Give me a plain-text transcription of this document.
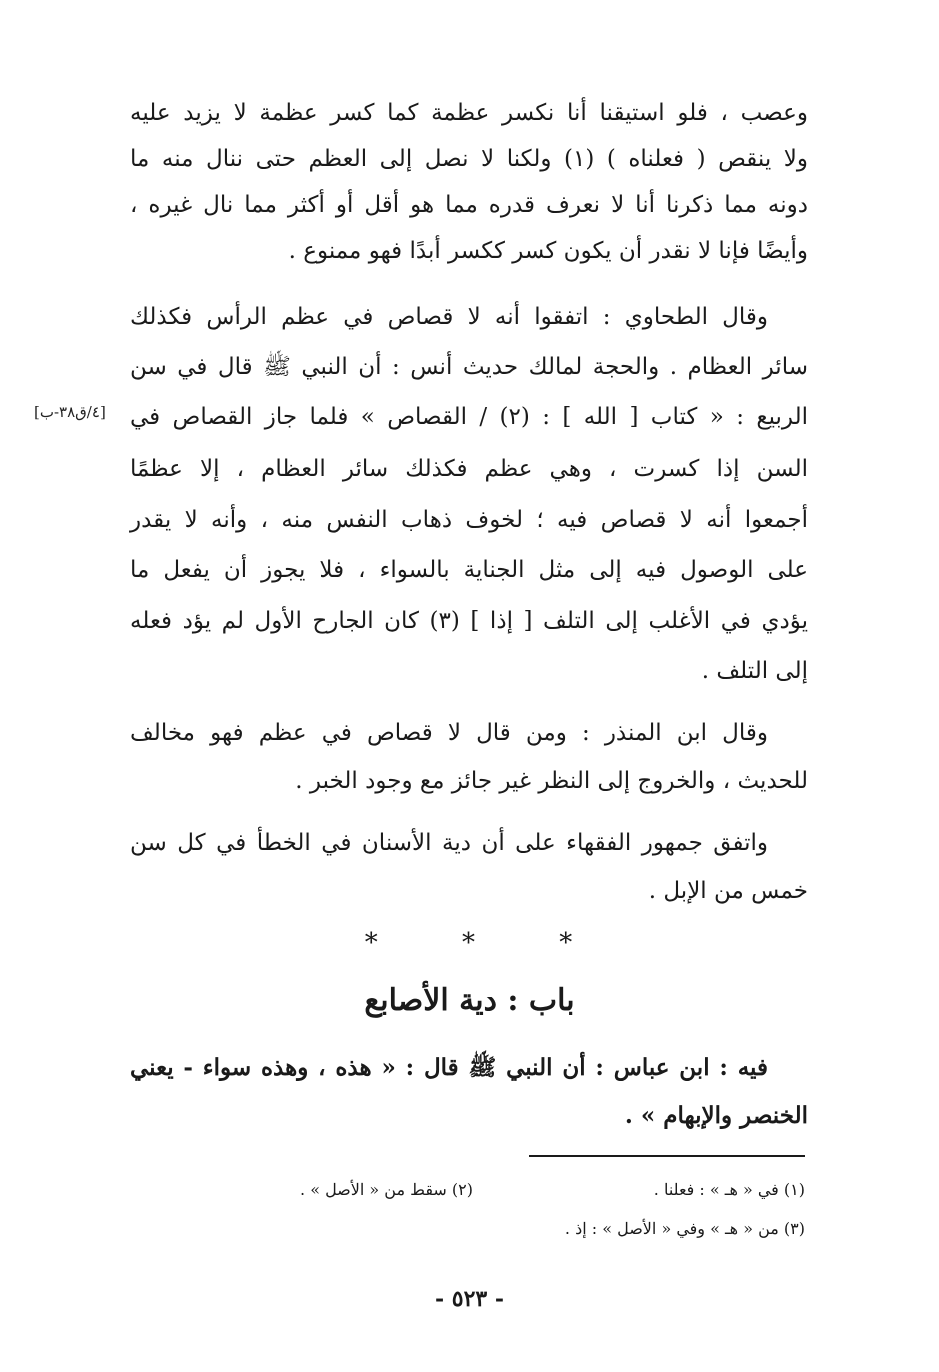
وعصب ، فلو استيقنا أنا نكسر عظمة كما كسر عظمة لا يزيد عليه
ولا ينقص ( فعلناه ) (١) ولكنا لا نصل إلى العظم حتى ننال منه ما
دونه مما ذكرنا أنا لا نعرف قدره مما هو أقل أو أكثر مما نال غيره ،
وأيضًا فإنا لا نقدر أن يكون كسر ككسر أبدًا فهو ممنوع .
وقال الطحاوي : اتفقوا أنه لا قصاص في عظم الرأس فكذلك
سائر العظام . والحجة لمالك حديث أنس : أن النبي ﷺ قال في سن
الربيع : « كتاب [ الله ] : (٢) / القصاص » فلما جاز القصاص في
السن إذا كسرت ، وهي عظم فكذلك سائر العظام ، إلا عظمًا
أجمعوا أنه لا قصاص فيه ؛ لخوف ذهاب النفس منه ، وأنه لا يقدر
على الوصول فيه إلى مثل الجناية بالسواء ، فلا يجوز أن يفعل ما
يؤدي في الأغلب إلى التلف [ إذا ] (٣) كان الجارح الأول لم يؤد فعله
إلى التلف .
[٤/ق٣٨-ب]
وقال ابن المنذر : ومن قال لا قصاص في عظم فهو مخالف
للحديث ، والخروج إلى النظر غير جائز مع وجود الخبر .
واتفق جمهور الفقهاء على أن دية الأسنان في الخطأ في كل سن
خمس من الإبل .
*	*	*
باب : دية الأصابع
فيه : ابن عباس : أن النبي ﷺ قال : « هذه ، وهذه سواء - يعني
الخنصر والإبهام » .
(١) في « هـ » : فعلنا .
(٢) سقط من « الأصل » .
(٣) من « هـ » وفي « الأصل » : إذ .
- ٥٢٣ -
